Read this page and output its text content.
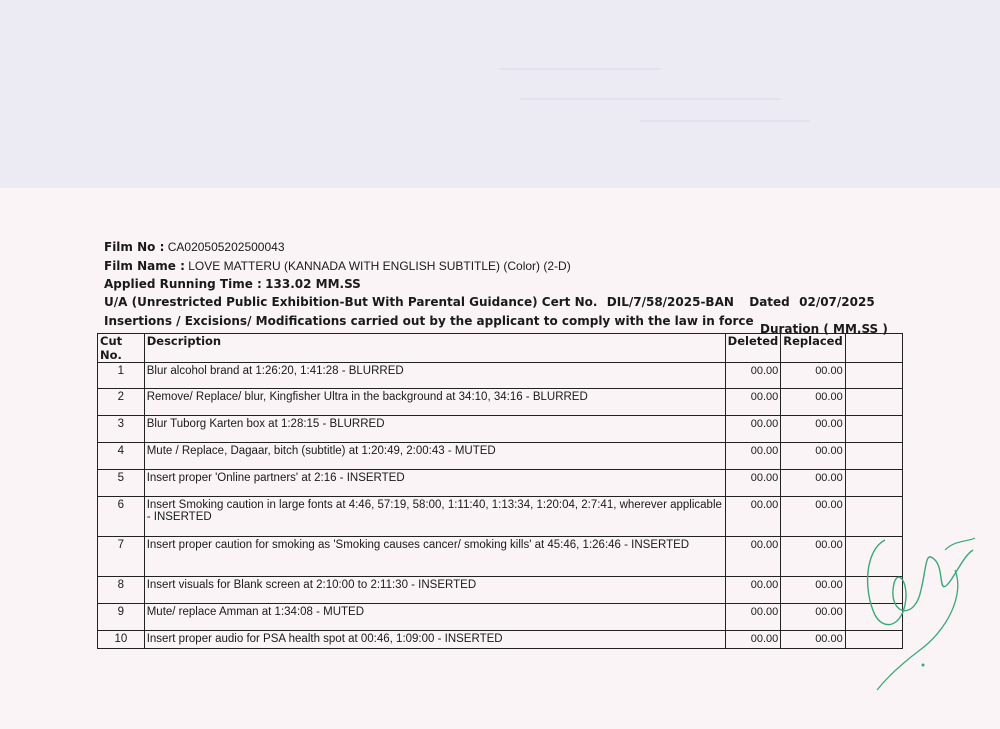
Film No : CA020505202500043
Film Name : LOVE MATTERU (KANNADA WITH ENGLISH SUBTITLE) (Color) (2-D)
Applied Running Time : 133.02 MM.SS
U/A (Unrestricted Public Exhibition-But With Parental Guidance) Cert No. DIL/7/58/2025-BAN Dated 02/07/2025
Insertions / Excisions/ Modifications carried out by the applicant to comply with the law in force
Duration ( MM.SS )
Cut No.	Description	Deleted	Replaced	
1	Blur alcohol brand at 1:26:20, 1:41:28 - BLURRED	00.00	00.00	
2	Remove/ Replace/ blur, Kingfisher Ultra in the background at 34:10, 34:16 - BLURRED	00.00	00.00	
3	Blur Tuborg Karten box at 1:28:15 - BLURRED	00.00	00.00	
4	Mute / Replace, Dagaar, bitch (subtitle) at 1:20:49, 2:00:43 - MUTED	00.00	00.00	
5	Insert proper 'Online partners' at 2:16 - INSERTED	00.00	00.00	
6	Insert Smoking caution in large fonts at 4:46, 57:19, 58:00, 1:11:40, 1:13:34, 1:20:04, 2:7:41, wherever applicable - INSERTED	00.00	00.00	
7	Insert proper caution for smoking as 'Smoking causes cancer/ smoking kills' at 45:46, 1:26:46 - INSERTED	00.00	00.00	
8	Insert visuals for Blank screen at 2:10:00 to 2:11:30 - INSERTED	00.00	00.00	
9	Mute/ replace Amman at 1:34:08 - MUTED	00.00	00.00	
10	Insert proper audio for PSA health spot at 00:46, 1:09:00 - INSERTED	00.00	00.00	
